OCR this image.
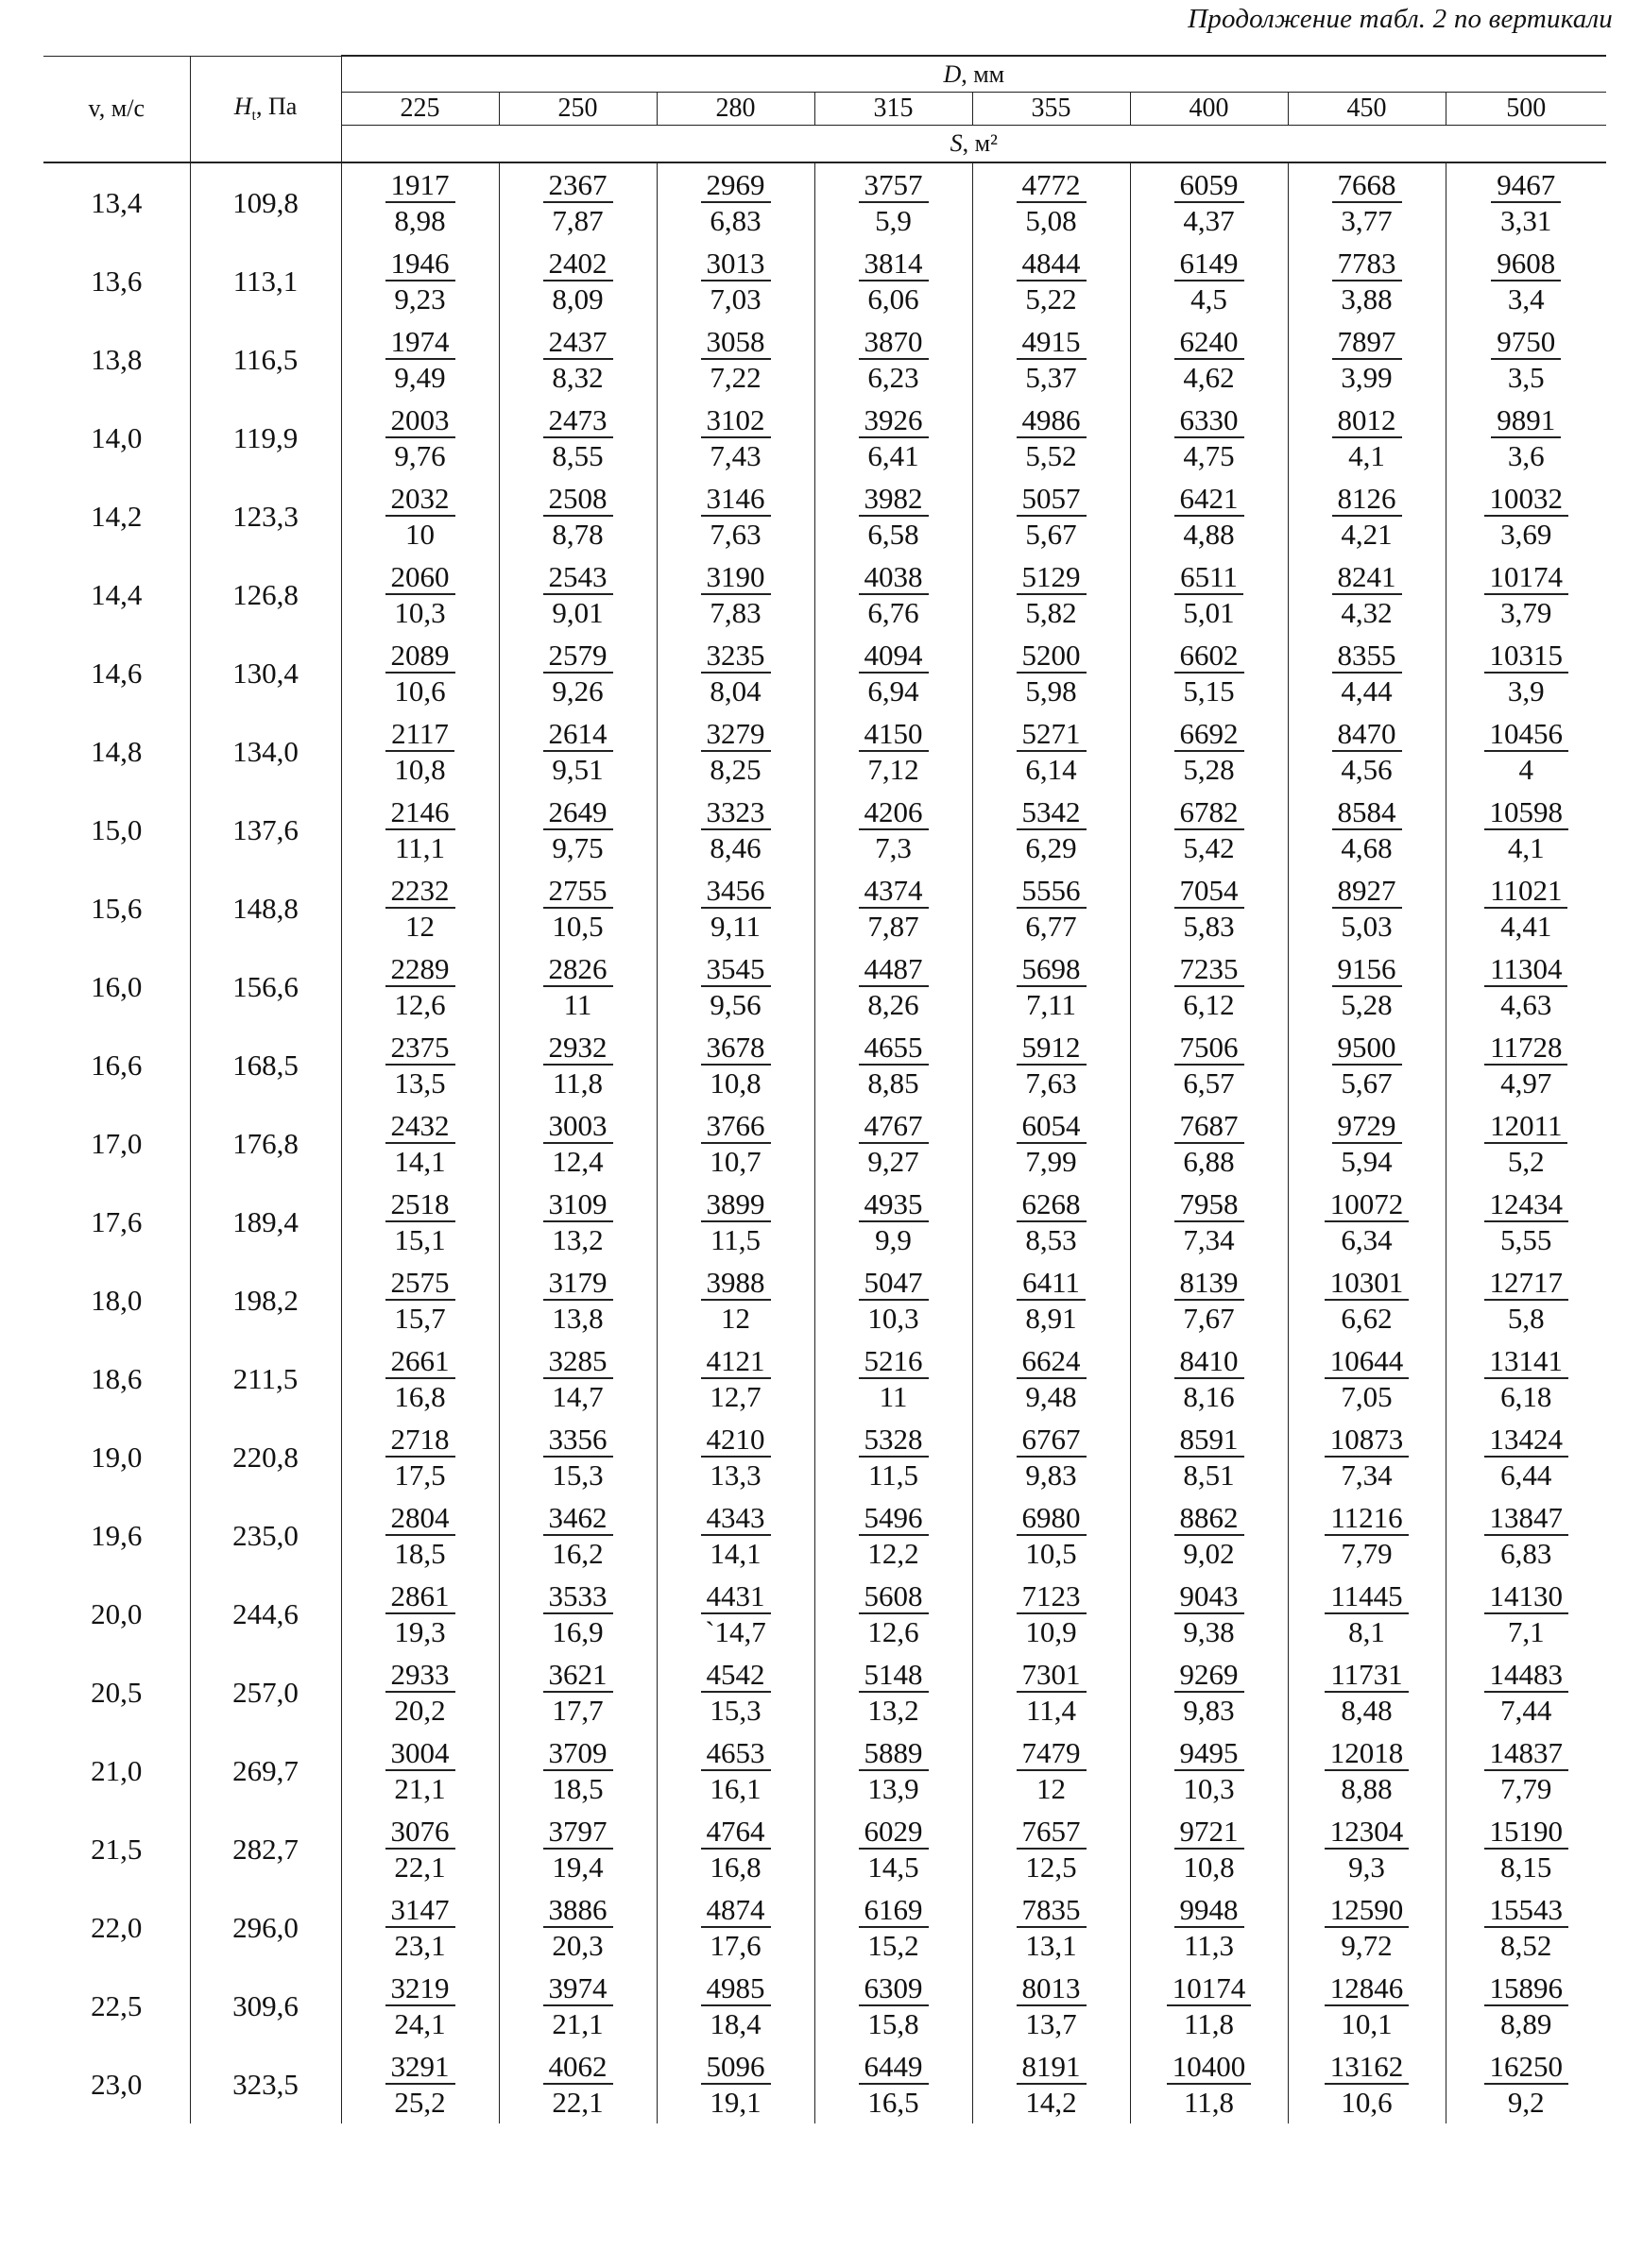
Продолжение табл. 2 по вертикали
v, м/с	$H_t$, Па	D, мм							
		225	250	280	315	355	400	450	500
		S, м²							
13,4	109,8	$\frac{1917}{8,98}$	$\frac{2367}{7,87}$	$\frac{2969}{6,83}$	$\frac{3757}{5,9}$	$\frac{4772}{5,08}$	$\frac{6059}{4,37}$	$\frac{7668}{3,77}$	$\frac{9467}{3,31}$

13,6	113,1	$\frac{1946}{9,23}$	$\frac{2402}{8,09}$	$\frac{3013}{7,03}$	$\frac{3814}{6,06}$	$\frac{4844}{5,22}$	$\frac{6149}{4,5}$	$\frac{7783}{3,88}$	$\frac{9608}{3,4}$

13,8	116,5	$\frac{1974}{9,49}$	$\frac{2437}{8,32}$	$\frac{3058}{7,22}$	$\frac{3870}{6,23}$	$\frac{4915}{5,37}$	$\frac{6240}{4,62}$	$\frac{7897}{3,99}$	$\frac{9750}{3,5}$

14,0	119,9	$\frac{2003}{9,76}$	$\frac{2473}{8,55}$	$\frac{3102}{7,43}$	$\frac{3926}{6,41}$	$\frac{4986}{5,52}$	$\frac{6330}{4,75}$	$\frac{8012}{4,1}$	$\frac{9891}{3,6}$

14,2	123,3	$\frac{2032}{10}$	$\frac{2508}{8,78}$	$\frac{3146}{7,63}$	$\frac{3982}{6,58}$	$\frac{5057}{5,67}$	$\frac{6421}{4,88}$	$\frac{8126}{4,21}$	$\frac{10032}{3,69}$

14,4	126,8	$\frac{2060}{10,3}$	$\frac{2543}{9,01}$	$\frac{3190}{7,83}$	$\frac{4038}{6,76}$	$\frac{5129}{5,82}$	$\frac{6511}{5,01}$	$\frac{8241}{4,32}$	$\frac{10174}{3,79}$

14,6	130,4	$\frac{2089}{10,6}$	$\frac{2579}{9,26}$	$\frac{3235}{8,04}$	$\frac{4094}{6,94}$	$\frac{5200}{5,98}$	$\frac{6602}{5,15}$	$\frac{8355}{4,44}$	$\frac{10315}{3,9}$

14,8	134,0	$\frac{2117}{10,8}$	$\frac{2614}{9,51}$	$\frac{3279}{8,25}$	$\frac{4150}{7,12}$	$\frac{5271}{6,14}$	$\frac{6692}{5,28}$	$\frac{8470}{4,56}$	$\frac{10456}{4}$

15,0	137,6	$\frac{2146}{11,1}$	$\frac{2649}{9,75}$	$\frac{3323}{8,46}$	$\frac{4206}{7,3}$	$\frac{5342}{6,29}$	$\frac{6782}{5,42}$	$\frac{8584}{4,68}$	$\frac{10598}{4,1}$

15,6	148,8	$\frac{2232}{12}$	$\frac{2755}{10,5}$	$\frac{3456}{9,11}$	$\frac{4374}{7,87}$	$\frac{5556}{6,77}$	$\frac{7054}{5,83}$	$\frac{8927}{5,03}$	$\frac{11021}{4,41}$

16,0	156,6	$\frac{2289}{12,6}$	$\frac{2826}{11}$	$\frac{3545}{9,56}$	$\frac{4487}{8,26}$	$\frac{5698}{7,11}$	$\frac{7235}{6,12}$	$\frac{9156}{5,28}$	$\frac{11304}{4,63}$

16,6	168,5	$\frac{2375}{13,5}$	$\frac{2932}{11,8}$	$\frac{3678}{10,8}$	$\frac{4655}{8,85}$	$\frac{5912}{7,63}$	$\frac{7506}{6,57}$	$\frac{9500}{5,67}$	$\frac{11728}{4,97}$

17,0	176,8	$\frac{2432}{14,1}$	$\frac{3003}{12,4}$	$\frac{3766}{10,7}$	$\frac{4767}{9,27}$	$\frac{6054}{7,99}$	$\frac{7687}{6,88}$	$\frac{9729}{5,94}$	$\frac{12011}{5,2}$

17,6	189,4	$\frac{2518}{15,1}$	$\frac{3109}{13,2}$	$\frac{3899}{11,5}$	$\frac{4935}{9,9}$	$\frac{6268}{8,53}$	$\frac{7958}{7,34}$	$\frac{10072}{6,34}$	$\frac{12434}{5,55}$

18,0	198,2	$\frac{2575}{15,7}$	$\frac{3179}{13,8}$	$\frac{3988}{12}$	$\frac{5047}{10,3}$	$\frac{6411}{8,91}$	$\frac{8139}{7,67}$	$\frac{10301}{6,62}$	$\frac{12717}{5,8}$

18,6	211,5	$\frac{2661}{16,8}$	$\frac{3285}{14,7}$	$\frac{4121}{12,7}$	$\frac{5216}{11}$	$\frac{6624}{9,48}$	$\frac{8410}{8,16}$	$\frac{10644}{7,05}$	$\frac{13141}{6,18}$

19,0	220,8	$\frac{2718}{17,5}$	$\frac{3356}{15,3}$	$\frac{4210}{13,3}$	$\frac{5328}{11,5}$	$\frac{6767}{9,83}$	$\frac{8591}{8,51}$	$\frac{10873}{7,34}$	$\frac{13424}{6,44}$

19,6	235,0	$\frac{2804}{18,5}$	$\frac{3462}{16,2}$	$\frac{4343}{14,1}$	$\frac{5496}{12,2}$	$\frac{6980}{10,5}$	$\frac{8862}{9,02}$	$\frac{11216}{7,79}$	$\frac{13847}{6,83}$

20,0	244,6	$\frac{2861}{19,3}$	$\frac{3533}{16,9}$	$\frac{4431}{`14,7}$	$\frac{5608}{12,6}$	$\frac{7123}{10,9}$	$\frac{9043}{9,38}$	$\frac{11445}{8,1}$	$\frac{14130}{7,1}$

20,5	257,0	$\frac{2933}{20,2}$	$\frac{3621}{17,7}$	$\frac{4542}{15,3}$	$\frac{5148}{13,2}$	$\frac{7301}{11,4}$	$\frac{9269}{9,83}$	$\frac{11731}{8,48}$	$\frac{14483}{7,44}$

21,0	269,7	$\frac{3004}{21,1}$	$\frac{3709}{18,5}$	$\frac{4653}{16,1}$	$\frac{5889}{13,9}$	$\frac{7479}{12}$	$\frac{9495}{10,3}$	$\frac{12018}{8,88}$	$\frac{14837}{7,79}$

21,5	282,7	$\frac{3076}{22,1}$	$\frac{3797}{19,4}$	$\frac{4764}{16,8}$	$\frac{6029}{14,5}$	$\frac{7657}{12,5}$	$\frac{9721}{10,8}$	$\frac{12304}{9,3}$	$\frac{15190}{8,15}$

22,0	296,0	$\frac{3147}{23,1}$	$\frac{3886}{20,3}$	$\frac{4874}{17,6}$	$\frac{6169}{15,2}$	$\frac{7835}{13,1}$	$\frac{9948}{11,3}$	$\frac{12590}{9,72}$	$\frac{15543}{8,52}$

22,5	309,6	$\frac{3219}{24,1}$	$\frac{3974}{21,1}$	$\frac{4985}{18,4}$	$\frac{6309}{15,8}$	$\frac{8013}{13,7}$	$\frac{10174}{11,8}$	$\frac{12846}{10,1}$	$\frac{15896}{8,89}$

23,0	323,5	$\frac{3291}{25,2}$	$\frac{4062}{22,1}$	$\frac{5096}{19,1}$	$\frac{6449}{16,5}$	$\frac{8191}{14,2}$	$\frac{10400}{11,8}$	$\frac{13162}{10,6}$	$\frac{16250}{9,2}$
